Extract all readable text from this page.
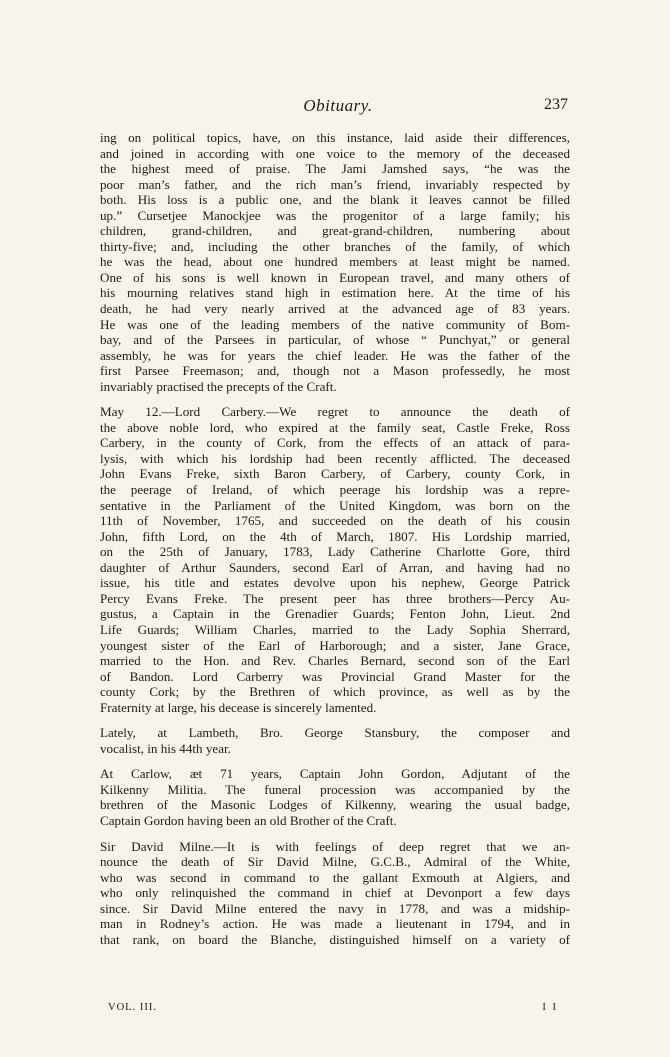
Obituary.	237
ing on political topics, have, on this instance, laid aside their differences,
and joined in according with one voice to the memory of the deceased
the highest meed of praise. The Jami Jamshed says, “he was the
poor man’s father, and the rich man’s friend, invariably respected by
both. His loss is a public one, and the blank it leaves cannot be filled
up.” Cursetjee Manockjee was the progenitor of a large family; his
children, grand-children, and great-grand-children, numbering about
thirty-five; and, including the other branches of the family, of which
he was the head, about one hundred members at least might be named.
One of his sons is well known in European travel, and many others of
his mourning relatives stand high in estimation here. At the time of his
death, he had very nearly arrived at the advanced age of 83 years.
He was one of the leading members of the native community of Bom-
bay, and of the Parsees in particular, of whose “ Punchyat,” or general
assembly, he was for years the chief leader. He was the father of the
first Parsee Freemason; and, though not a Mason professedly, he most
invariably practised the precepts of the Craft.
May 12.—Lord Carbery.—We regret to announce the death of
the above noble lord, who expired at the family seat, Castle Freke, Ross
Carbery, in the county of Cork, from the effects of an attack of para-
lysis, with which his lordship had been recently afflicted. The deceased
John Evans Freke, sixth Baron Carbery, of Carbery, county Cork, in
the peerage of Ireland, of which peerage his lordship was a repre-
sentative in the Parliament of the United Kingdom, was born on the
11th of November, 1765, and succeeded on the death of his cousin
John, fifth Lord, on the 4th of March, 1807. His Lordship married,
on the 25th of January, 1783, Lady Catherine Charlotte Gore, third
daughter of Arthur Saunders, second Earl of Arran, and having had no
issue, his title and estates devolve upon his nephew, George Patrick
Percy Evans Freke. The present peer has three brothers—Percy Au-
gustus, a Captain in the Grenadier Guards; Fenton John, Lieut. 2nd
Life Guards; William Charles, married to the Lady Sophia Sherrard,
youngest sister of the Earl of Harborough; and a sister, Jane Grace,
married to the Hon. and Rev. Charles Bernard, second son of the Earl
of Bandon. Lord Carberry was Provincial Grand Master for the
county Cork; by the Brethren of which province, as well as by the
Fraternity at large, his decease is sincerely lamented.
Lately, at Lambeth, Bro. George Stansbury, the composer and
vocalist, in his 44th year.
At Carlow, æt 71 years, Captain John Gordon, Adjutant of the
Kilkenny Militia. The funeral procession was accompanied by the
brethren of the Masonic Lodges of Kilkenny, wearing the usual badge,
Captain Gordon having been an old Brother of the Craft.
Sir David Milne.—It is with feelings of deep regret that we an-
nounce the death of Sir David Milne, G.C.B., Admiral of the White,
who was second in command to the gallant Exmouth at Algiers, and
who only relinquished the command in chief at Devonport a few days
since. Sir David Milne entered the navy in 1778, and was a midship-
man in Rodney’s action. He was made a lieutenant in 1794, and in
that rank, on board the Blanche, distinguished himself on a variety of
VOL. III.	I I
